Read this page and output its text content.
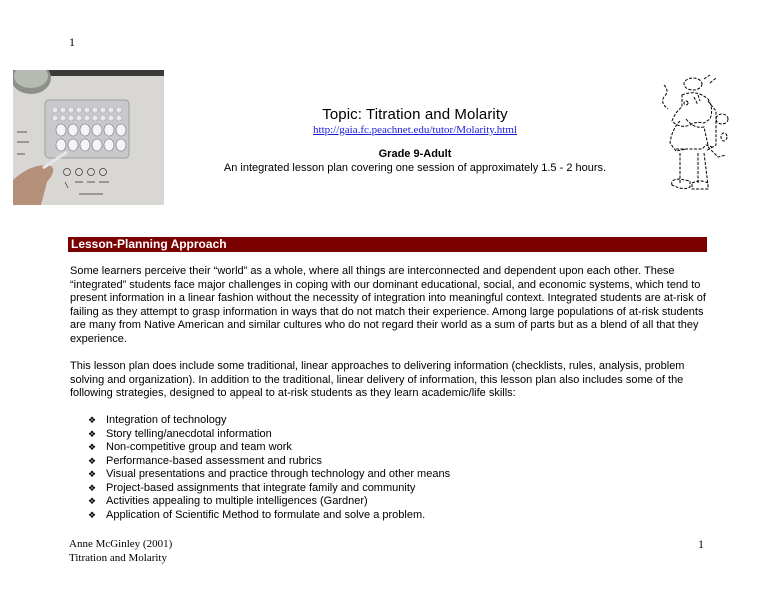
1
Topic: Titration and Molarity
http://gaia.fc.peachnet.edu/tutor/Molarity.html
Grade 9-Adult
An integrated lesson plan covering one session of approximately 1.5 - 2 hours.
Lesson-Planning Approach

Some learners perceive their “world” as a whole, where all things are interconnected and dependent upon each other. These “integrated” students face major challenges in coping with our dominant educational, social, and economic systems, which tend to present information in a linear fashion without the necessity of integration into meaningful context. Integrated students are at-risk of failing as they attempt to grasp information in ways that do not match their experience. Among large populations of at-risk students are many from Native American and similar cultures who do not regard their world as a sum of parts but as a blend of all that they experience.

This lesson plan does include some traditional, linear approaches to delivering information (checklists, rules, analysis, problem solving and organization). In addition to the traditional, linear delivery of information, this lesson plan also includes some of the following strategies, designed to appeal to at-risk students as they learn academic/life skills:

❖ Integration of technology
❖ Story telling/anecdotal information
❖ Non-competitive group and team work
❖ Performance-based assessment and rubrics
❖ Visual presentations and practice through technology and other means
❖ Project-based assignments that integrate family and community
❖ Activities appealing to multiple intelligences (Gardner)
❖ Application of Scientific Method to formulate and solve a problem.
Anne McGinley (2001)
Titration and Molarity
1
